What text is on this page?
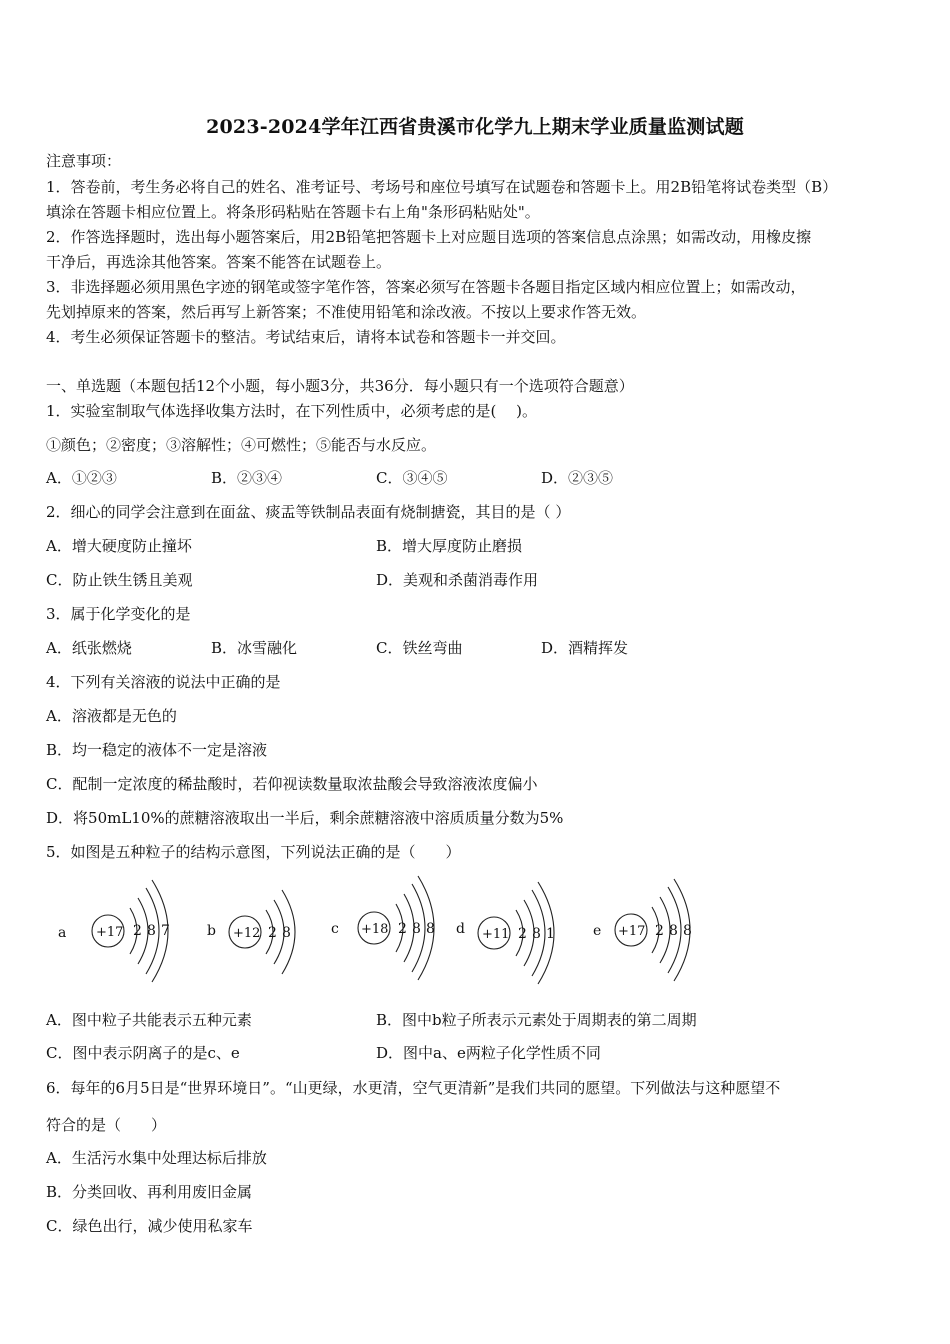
2023-2024学年江西省贵溪市化学九上期末学业质量监测试题
注意事项：
1．答卷前，考生务必将自己的姓名、准考证号、考场号和座位号填写在试题卷和答题卡上。用2B铅笔将试卷类型（B）
填涂在答题卡相应位置上。将条形码粘贴在答题卡右上角"条形码粘贴处"。
2．作答选择题时，选出每小题答案后，用2B铅笔把答题卡上对应题目选项的答案信息点涂黑；如需改动，用橡皮擦
干净后，再选涂其他答案。答案不能答在试题卷上。
3．非选择题必须用黑色字迹的钢笔或签字笔作答，答案必须写在答题卡各题目指定区域内相应位置上；如需改动，
先划掉原来的答案，然后再写上新答案；不准使用铅笔和涂改液。不按以上要求作答无效。
4．考生必须保证答题卡的整洁。考试结束后，请将本试卷和答题卡一并交回。
一、单选题（本题包括12个小题，每小题3分，共36分．每小题只有一个选项符合题意）
1．实验室制取气体选择收集方法时，在下列性质中，必须考虑的是(　 )。
①颜色；②密度；③溶解性；④可燃性；⑤能否与水反应。
A．①②③	B．②③④	C．③④⑤	D．②③⑤
2．细心的同学会注意到在面盆、痰盂等铁制品表面有烧制搪瓷，其目的是（ ）
A．增大硬度防止撞坏	B．增大厚度防止磨损
C．防止铁生锈且美观	D．美观和杀菌消毒作用
3．属于化学变化的是
A．纸张燃烧	B．冰雪融化	C．铁丝弯曲	D．酒精挥发
4．下列有关溶液的说法中正确的是
A．溶液都是无色的
B．均一稳定的液体不一定是溶液
C．配制一定浓度的稀盐酸时，若仰视读数量取浓盐酸会导致溶液浓度偏小
D．将50mL10%的蔗糖溶液取出一半后，剩余蔗糖溶液中溶质质量分数为5%
5．如图是五种粒子的结构示意图，下列说法正确的是（　　）
a +17 2 8 7	b +12 2 8	c +18 2 8 8 d +11 2 8 1	e +17 2 8 8
A．图中粒子共能表示五种元素	B．图中b粒子所表示元素处于周期表的第二周期
C．图中表示阴离子的是c、e	D．图中a、e两粒子化学性质不同
6．每年的6月5日是“世界环境日”。“山更绿，水更清，空气更清新”是我们共同的愿望。下列做法与这种愿望不
符合的是（　　）
A．生活污水集中处理达标后排放
B．分类回收、再利用废旧金属
C．绿色出行，减少使用私家车
